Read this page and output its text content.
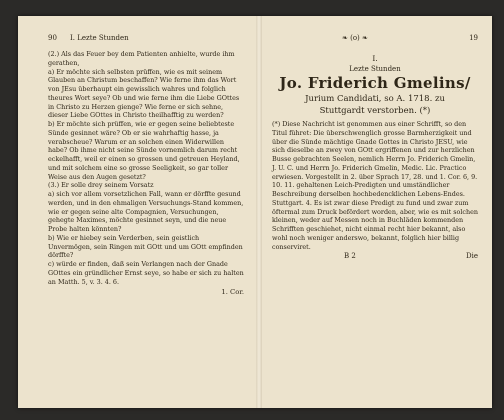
90 I. Lezte Stunden

(2.) Als das Feuer bey dem Patienten anhielte, wurde ihm gerathen,

a) Er möchte sich selbsten prüffen, wie es mit seinem Glauben an Christum beschaffen? Wie ferne ihm das Wort von JEsu überhaupt ein gewisslich wahres und folglich theures Wort seye? Ob und wie ferne ihm die Liebe GOttes in Christo zu Herzen gienge? Wie ferne er sich sehne, dieser Liebe GOttes in Christo theilhafftig zu werden?

b) Er möchte sich prüffen, wie er gegen seine beliebteste Sünde gesinnet wäre? Ob er sie wahrhaftig hasse, ja verabscheue? Warum er an solchen einen Widerwillen habe? Ob ihme nicht seine Sünde vornemlich darum recht eckelhafft, weil er einen so grossen und getreuen Heyland, und mit solchem eine so grosse Seeligkeit, so gar toller Weise aus den Augen gesetzt?

(3.) Er solle drey seinem Vorsatz

a) sich vor allem vorsetzlichen Fall, wann er dörffte gesund werden, und in den ehmaligen Versuchungs-Stand kommen, wie er gegen seine alte Compagnien, Versuchungen, gehegte Maximes, möchte gesinnet seyn, und die neue Probe halten könnten?

b) Wie er hiebey sein Verderben, sein geistlich Unvermögen, sein Ringen mit GOtt und um GOtt empfinden dörffte?

c) würde er finden, daß sein Verlangen nach der Gnade GOttes ein gründlicher Ernst seye, so habe er sich zu halten an Matth. 5, v. 3. 4. 6.

1. Cor.
❧ (o) ❧	19
I.
Lezte Stunden
Jo. Friderich Gmelins/
Jurium Candidati, so A. 1718. zu
Stuttgardt verstorben. (*)

(*) Diese Nachricht ist genommen aus einer Schrifft, so den Titul führet: Die überschwenglich grosse Barmherzigkeit und über die Sünde mächtige Gnade Gottes in Christo JESU, wie sich dieselbe an zwey von GOtt ergriffenen und zur herzlichen Busse gebrachten Seelen, nemlich Herrn Jo. Friderich Gmelin, J. U. C. und Herrn Jo. Friderich Gmelin, Medic. Lic. Practico erwiesen. Vorgestellt in 2. über Sprach 17, 28. und 1. Cor. 6, 9. 10. 11. gehaltenen Leich-Predigten und umständlicher Beschreibung derselben hochbedencklichen Lebens-Endes. Stuttgart. 4. Es ist zwar diese Predigt zu fund und zwar zum öftermal zum Druck befördert worden, aber, wie es mit solchen kleinen, weder auf Messen noch in Buchläden kommenden Schrifften geschiehet, nicht einmal recht hier bekannt, also wohl noch weniger anderswo, bekannt, folglich hier billig conserviret.

B 2	Die
